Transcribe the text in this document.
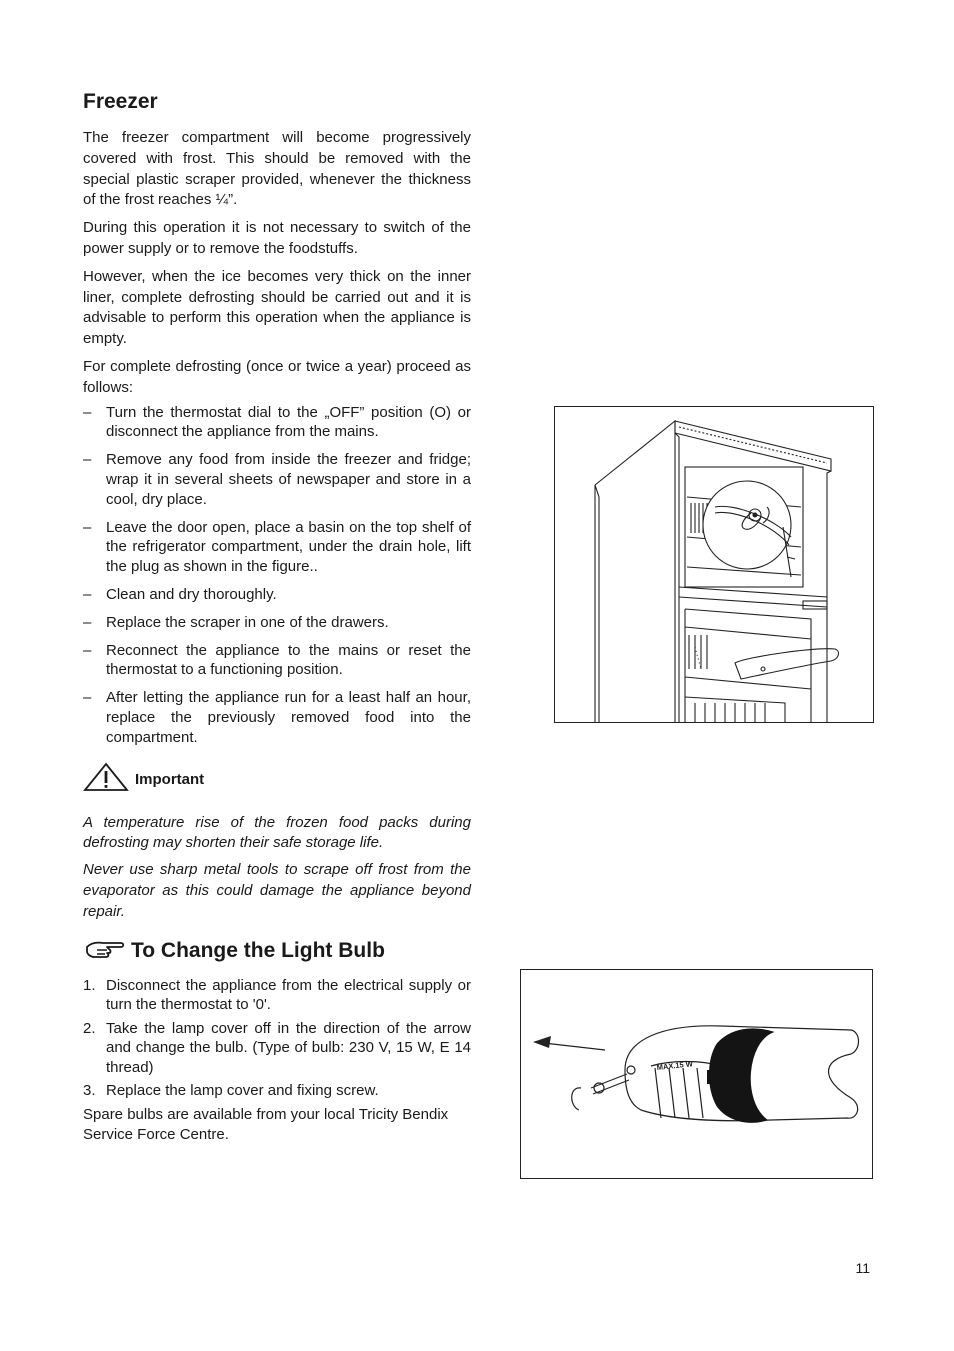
Freezer

The freezer compartment will become progressively covered with frost. This should be removed with the special plastic scraper provided, whenever the thickness of the frost reaches ¼”.

During this operation it is not necessary to switch of the power supply or to remove the foodstuffs.

However, when the ice becomes very thick on the inner liner, complete defrosting should be carried out and it is advisable to perform this operation when the appliance is empty.

For complete defrosting (once or twice a year) proceed as follows:

– Turn the thermostat dial to the „OFF” position (O) or disconnect the appliance from the mains.
– Remove any food from inside the freezer and fridge; wrap it in several sheets of newspaper and store in a cool, dry place.
– Leave the door open, place a basin on the top shelf of the refrigerator compartment, under the drain hole, lift the plug as shown in the figure..
– Clean and dry thoroughly.
– Replace the scraper in one of the drawers.
– Reconnect the appliance to the mains or reset the thermostat to a functioning position.
– After letting the appliance run for a least half an hour, replace the previously removed food into the compartment.
Important

A temperature rise of the frozen food packs during defrosting may shorten their safe storage life.

Never use sharp metal tools to scrape off frost from the evaporator as this could damage the appliance beyond repair.

To Change the Light Bulb
1. Disconnect the appliance from the electrical supply or turn the thermostat to '0'.
2. Take the lamp cover off in the direction of the arrow and change the bulb. (Type of bulb: 230 V, 15 W, E 14 thread)
3. Replace the lamp cover and fixing screw.

Spare bulbs are available from your local Tricity Bendix Service Force Centre.

MAX.15 W
11
